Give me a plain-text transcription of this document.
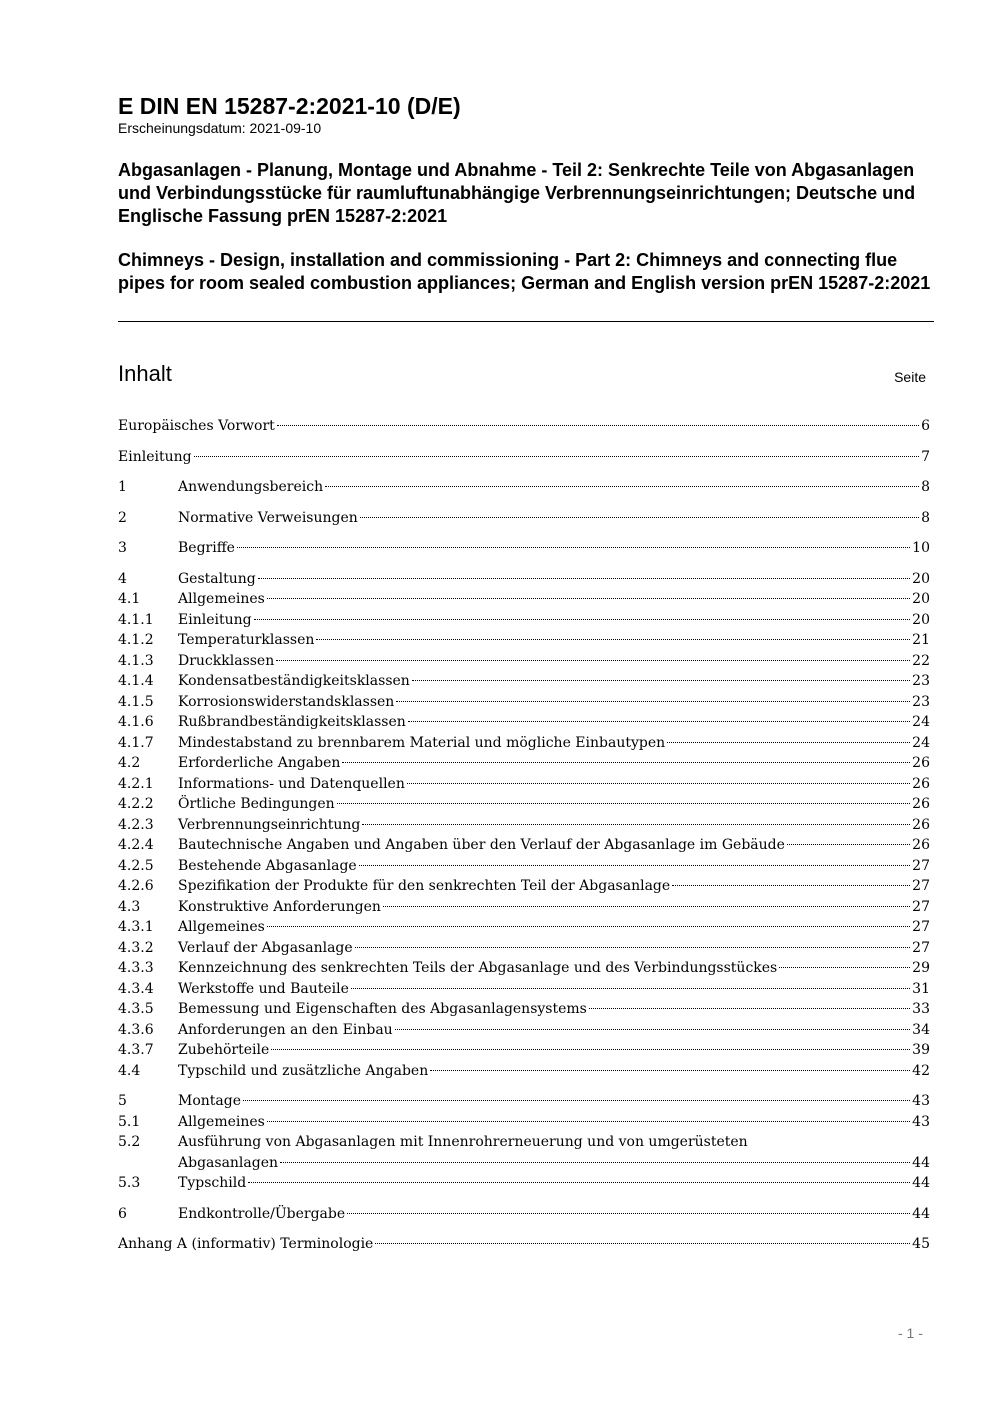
E DIN EN 15287-2:2021-10 (D/E)

Erscheinungsdatum: 2021-09-10

Abgasanlagen - Planung, Montage und Abnahme - Teil 2: Senkrechte Teile von Abgasanlagen und Verbindungsstücke für raumluftunabhängige Verbrennungseinrichtungen; Deutsche und Englische Fassung prEN 15287-2:2021
Chimneys - Design, installation and commissioning - Part 2: Chimneys and connecting flue pipes for room sealed combustion appliances; German and English version prEN 15287-2:2021
Inhalt	Seite
Europäisches Vorwort	6
Einleitung	7
1	Anwendungsbereich	8
2	Normative Verweisungen	8
3	Begriffe	10
4	Gestaltung	20
4.1	Allgemeines	20
4.1.1 Einleitung	20
4.1.2 Temperaturklassen	21
4.1.3 Druckklassen	22
4.1.4 Kondensatbeständigkeitsklassen	23
4.1.5 Korrosionswiderstandsklassen	23
4.1.6 Rußbrandbeständigkeitsklassen	24
4.1.7 Mindestabstand zu brennbarem Material und mögliche Einbautypen	24
4.2	Erforderliche Angaben	26
4.2.1 Informations- und Datenquellen	26
4.2.2 Örtliche Bedingungen	26
4.2.3 Verbrennungseinrichtung	26
4.2.4 Bautechnische Angaben und Angaben über den Verlauf der Abgasanlage im Gebäude	26
4.2.5 Bestehende Abgasanlage	27
4.2.6 Spezifikation der Produkte für den senkrechten Teil der Abgasanlage	27
4.3	Konstruktive Anforderungen	27
4.3.1 Allgemeines	27
4.3.2 Verlauf der Abgasanlage	27
4.3.3 Kennzeichnung des senkrechten Teils der Abgasanlage und des Verbindungsstückes	29
4.3.4 Werkstoffe und Bauteile	31
4.3.5 Bemessung und Eigenschaften des Abgasanlagensystems	33
4.3.6 Anforderungen an den Einbau	34
4.3.7 Zubehörteile	39
4.4	Typschild und zusätzliche Angaben	42
5	Montage	43
5.1	Allgemeines	43
5.2	Ausführung von Abgasanlagen mit Innenrohrerneuerung und von umgerüsteten
Abgasanlagen	44
5.3	Typschild	44
6	Endkontrolle/Übergabe	44
Anhang A (informativ) Terminologie	45
- 1 -
